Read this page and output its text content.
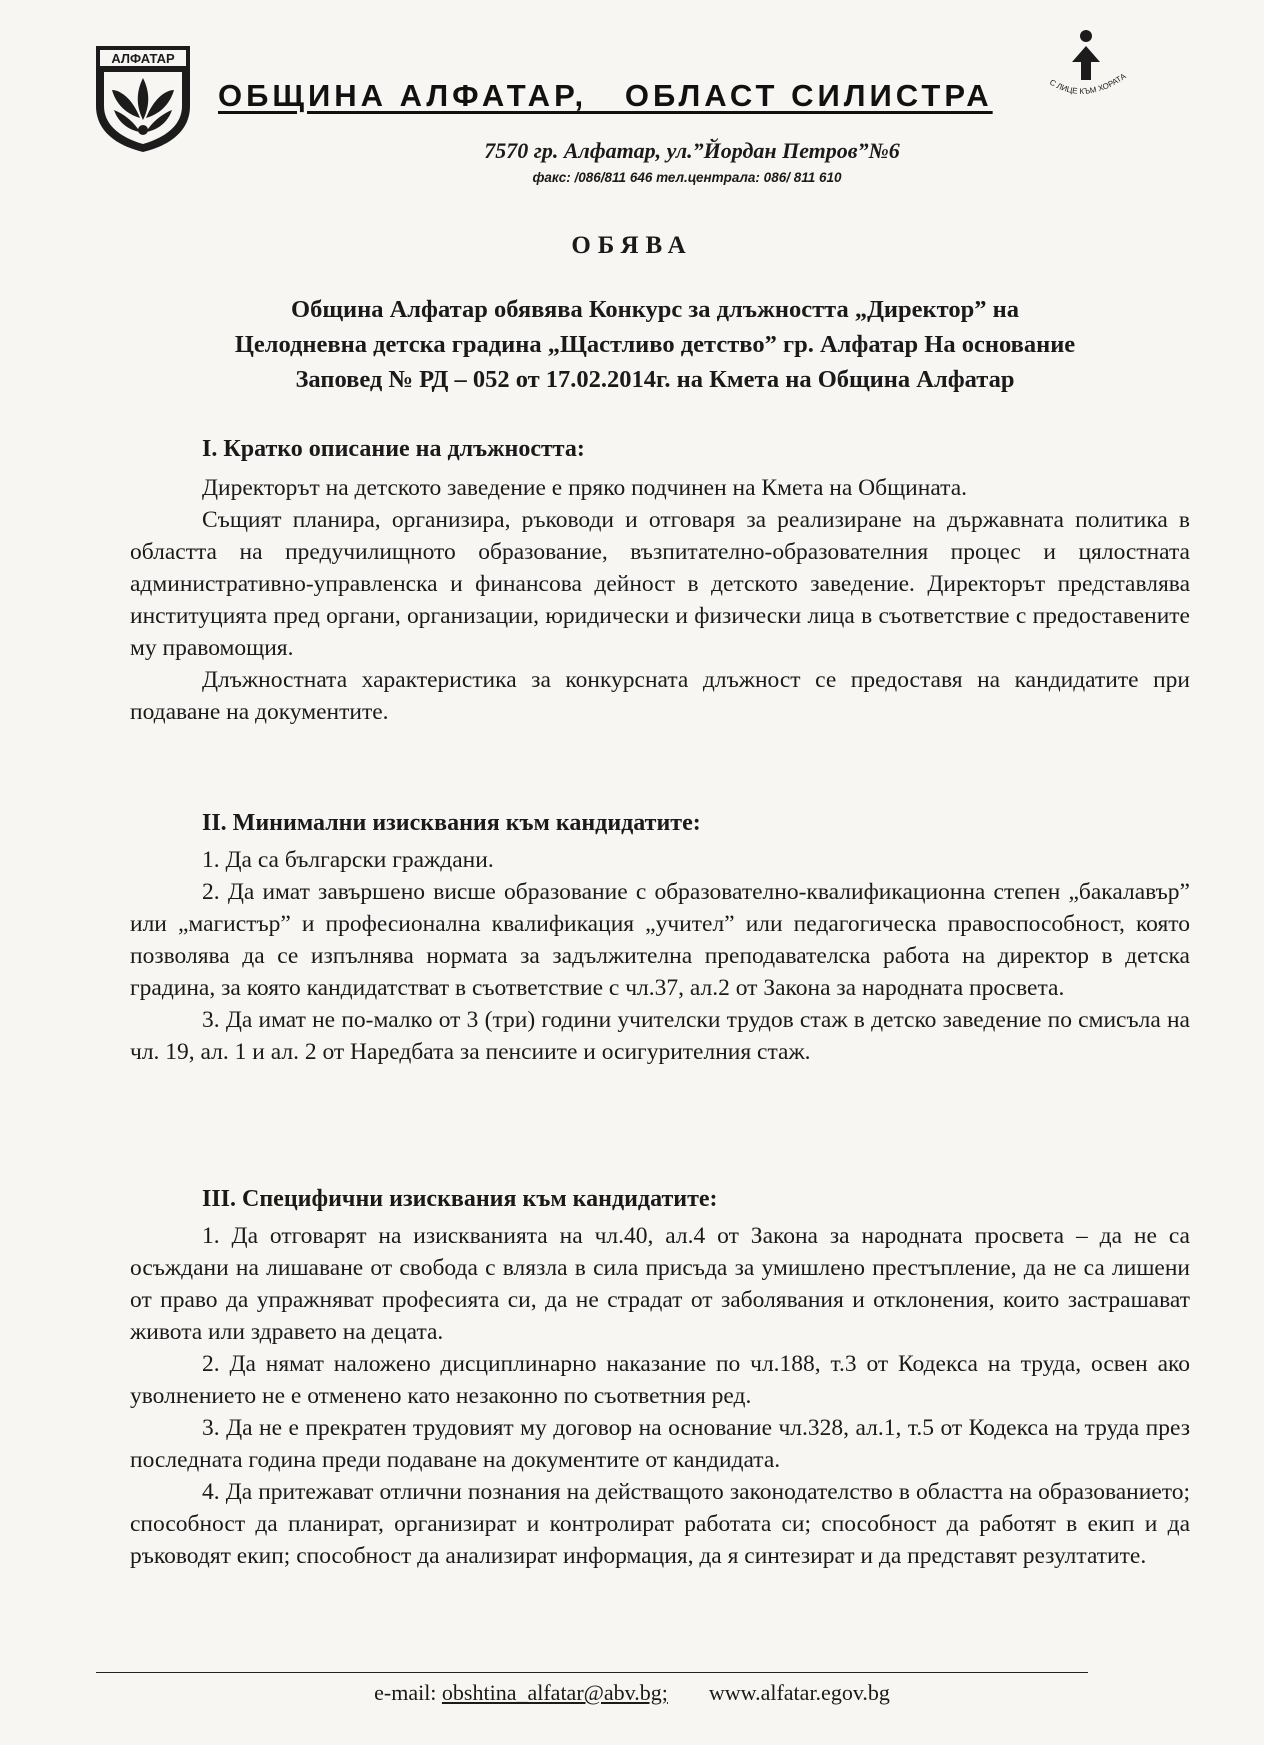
АЛФАТАР
ОБЩИНА АЛФАТАР,   ОБЛАСТ СИЛИСТРА	С ЛИЦЕ КЪМ ХОРАТА
7570 гр. Алфатар, ул.”Йордан Петров”№6
факс: /086/811 646 тел.централа: 086/ 811 610
ОБЯВА
Община Алфатар обявява Конкурс за длъжността „Директор” на
Целодневна детска градина „Щастливо детство” гр. Алфатар На основание
Заповед № РД – 052 от 17.02.2014г. на Кмета на Община Алфатар
I. Кратко описание на длъжността:

Директорът на детското заведение е пряко подчинен на Кмета на Общината.

Същият планира, организира, ръководи и отговаря за реализиране на държавната политика в областта на предучилищното образование, възпитателно-образователния процес и цялостната административно-управленска и финансова дейност в детското заведение. Директорът представлява институцията пред органи, организации, юридически и физически лица в съответствие с предоставените му правомощия.

Длъжностната характеристика за конкурсната длъжност се предоставя на кандидатите при подаване на документите.

II. Минимални изисквания към кандидатите:

1. Да са български граждани.

2. Да имат завършено висше образование с образователно-квалификационна степен „бакалавър” или „магистър” и професионална квалификация „учител” или педагогическа правоспособност, която позволява да се изпълнява нормата за задължителна преподавателска работа на директор в детска градина, за която кандидатстват в съответствие с чл.37, ал.2 от Закона за народната просвета.

3. Да имат не по-малко от 3 (три) години учителски трудов стаж в детско заведение по смисъла на чл. 19, ал. 1 и ал. 2 от Наредбата за пенсиите и осигурителния стаж.

III. Специфични изисквания към кандидатите:

1. Да отговарят на изискванията на чл.40, ал.4 от Закона за народната просвета – да не са осъждани на лишаване от свобода с влязла в сила присъда за умишлено престъпление, да не са лишени от право да упражняват професията си, да не страдат от заболявания и отклонения, които застрашават живота или здравето на децата.

2. Да нямат наложено дисциплинарно наказание по чл.188, т.3 от Кодекса на труда, освен ако уволнението не е отменено като незаконно по съответния ред.

3. Да не е прекратен трудовият му договор на основание чл.328, ал.1, т.5 от Кодекса на труда през последната година преди подаване на документите от кандидата.

4. Да притежават отлични познания на действащото законодателство в областта на образованието; способност да планират, организират и контролират работата си; способност да работят в екип и да ръководят екип; способност да анализират информация, да я синтезират и да представят резултатите.

e-mail: obshtina_alfatar@abv.bg; www.alfatar.egov.bg
